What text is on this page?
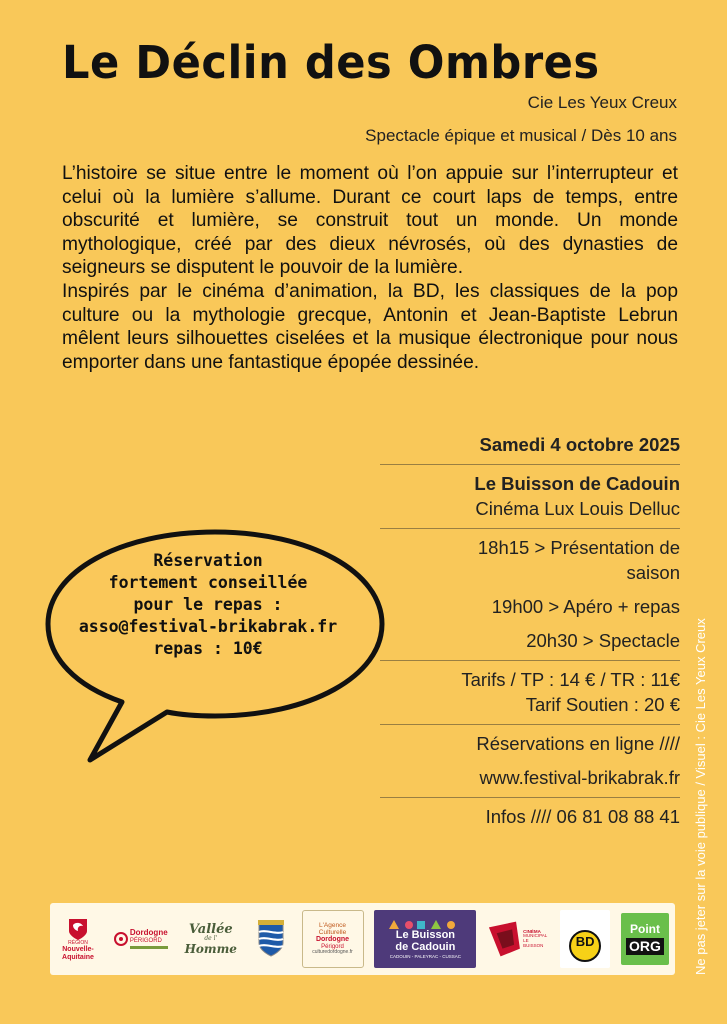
Le Déclin des Ombres
Cie Les Yeux Creux
Spectacle épique et musical / Dès 10 ans

L’histoire se situe entre le moment où l’on appuie sur l’interrupteur et celui où la lumière s’allume. Durant ce court laps de temps, entre obscurité et lumière, se construit tout un monde. Un monde mythologique, créé par des dieux névrosés, où des dynasties de seigneurs se disputent le pouvoir de la lumière.

Inspirés par le cinéma d’animation, la BD, les classiques de la pop culture ou la mythologie grecque, Antonin et Jean-Baptiste Lebrun mêlent leurs silhouettes ciselées et la musique électronique pour nous emporter dans une fantastique épopée dessinée.

Samedi 4 octobre 2025
Le Buisson de Cadouin
Cinéma Lux Louis Delluc
18h15 > Présentation de
saison
19h00 > Apéro + repas
20h30 > Spectacle
Tarifs / TP : 14 € / TR : 11€
Tarif Soutien : 20 €
Réservations en ligne ////
www.festival-brikabrak.fr
Infos //// 06 81 08 88 41
Réservation
fortement conseillée
pour le repas :
asso@festival-brikabrak.fr
repas : 10€	Ne pas jeter sur la voie publique / Visuel : Cie Les Yeux Creux
RÉGION
Nouvelle-
Aquitaine
Dordogne
PÉRIGORD
Vallée
de l'
Homme
L'Agence
Culturelle
Dordogne
Périgord
culturedordogne.fr
Le Buisson
de Cadouin
CADOUIN - PALEYRAC - CUSSAC
CINÉMA
MUNICIPAL
LE BUISSON	BD
Point
ORG
